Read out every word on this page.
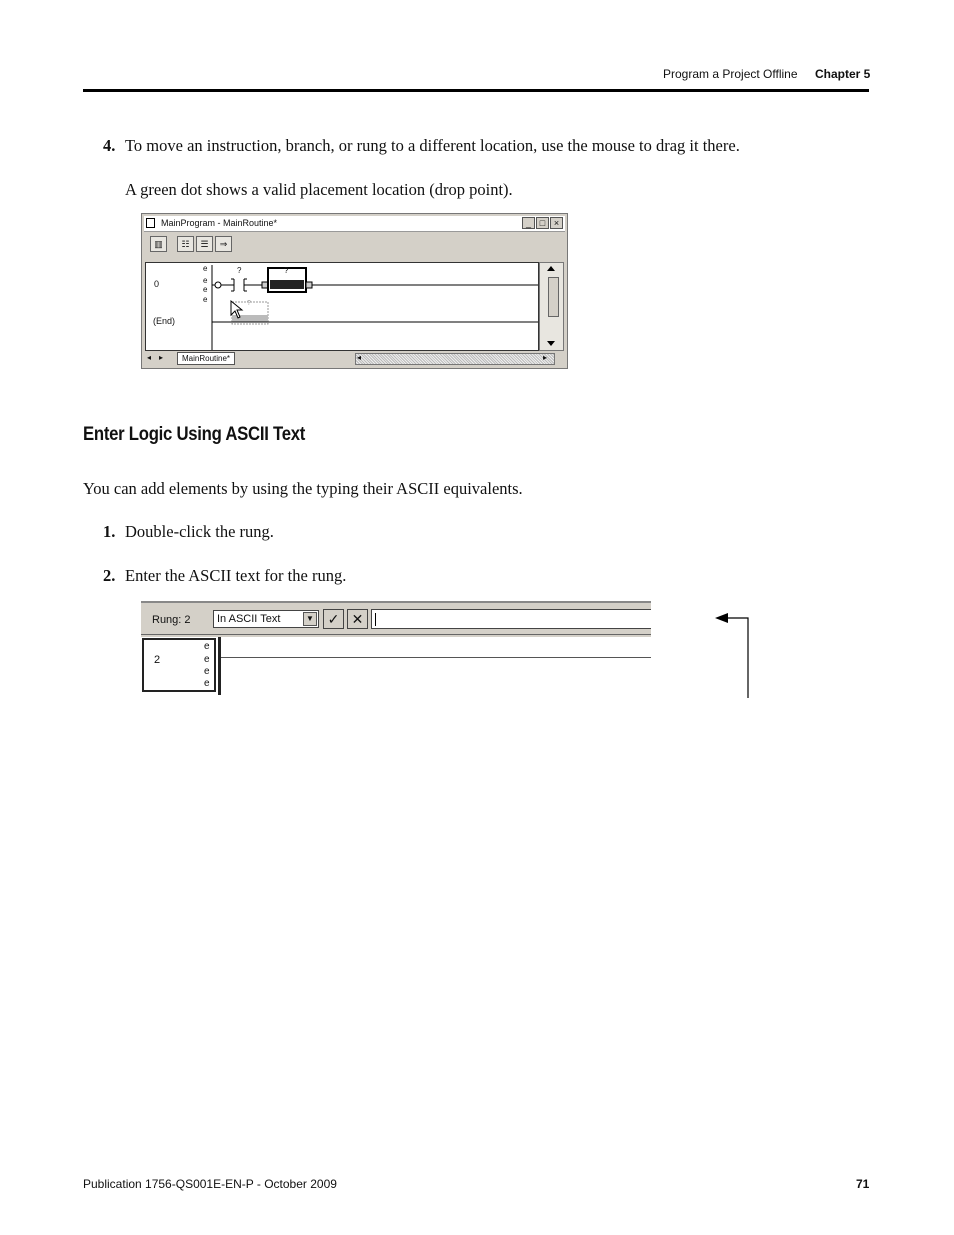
Program a Project Offline Chapter 5
4. To move an instruction, branch, or rung to a different location, use the mouse to drag it there.
A green dot shows a valid placement location (drop point).
MainProgram - MainRoutine*	_ □ ×
▥	☷	☰	⇒
0
(End)
e
e
e
e
?	?
?
◂ ▸	MainRoutine*	◂	▸
Enter Logic Using ASCII Text
You can add elements by using the typing their ASCII equivalents.
1. Double-click the rung.
2. Enter the ASCII text for the rung.
Rung: 2	In ASCII Text	▼ ✓ ✕
2
e
e
e
e
Publication 1756-QS001E-EN-P - October 2009	71
